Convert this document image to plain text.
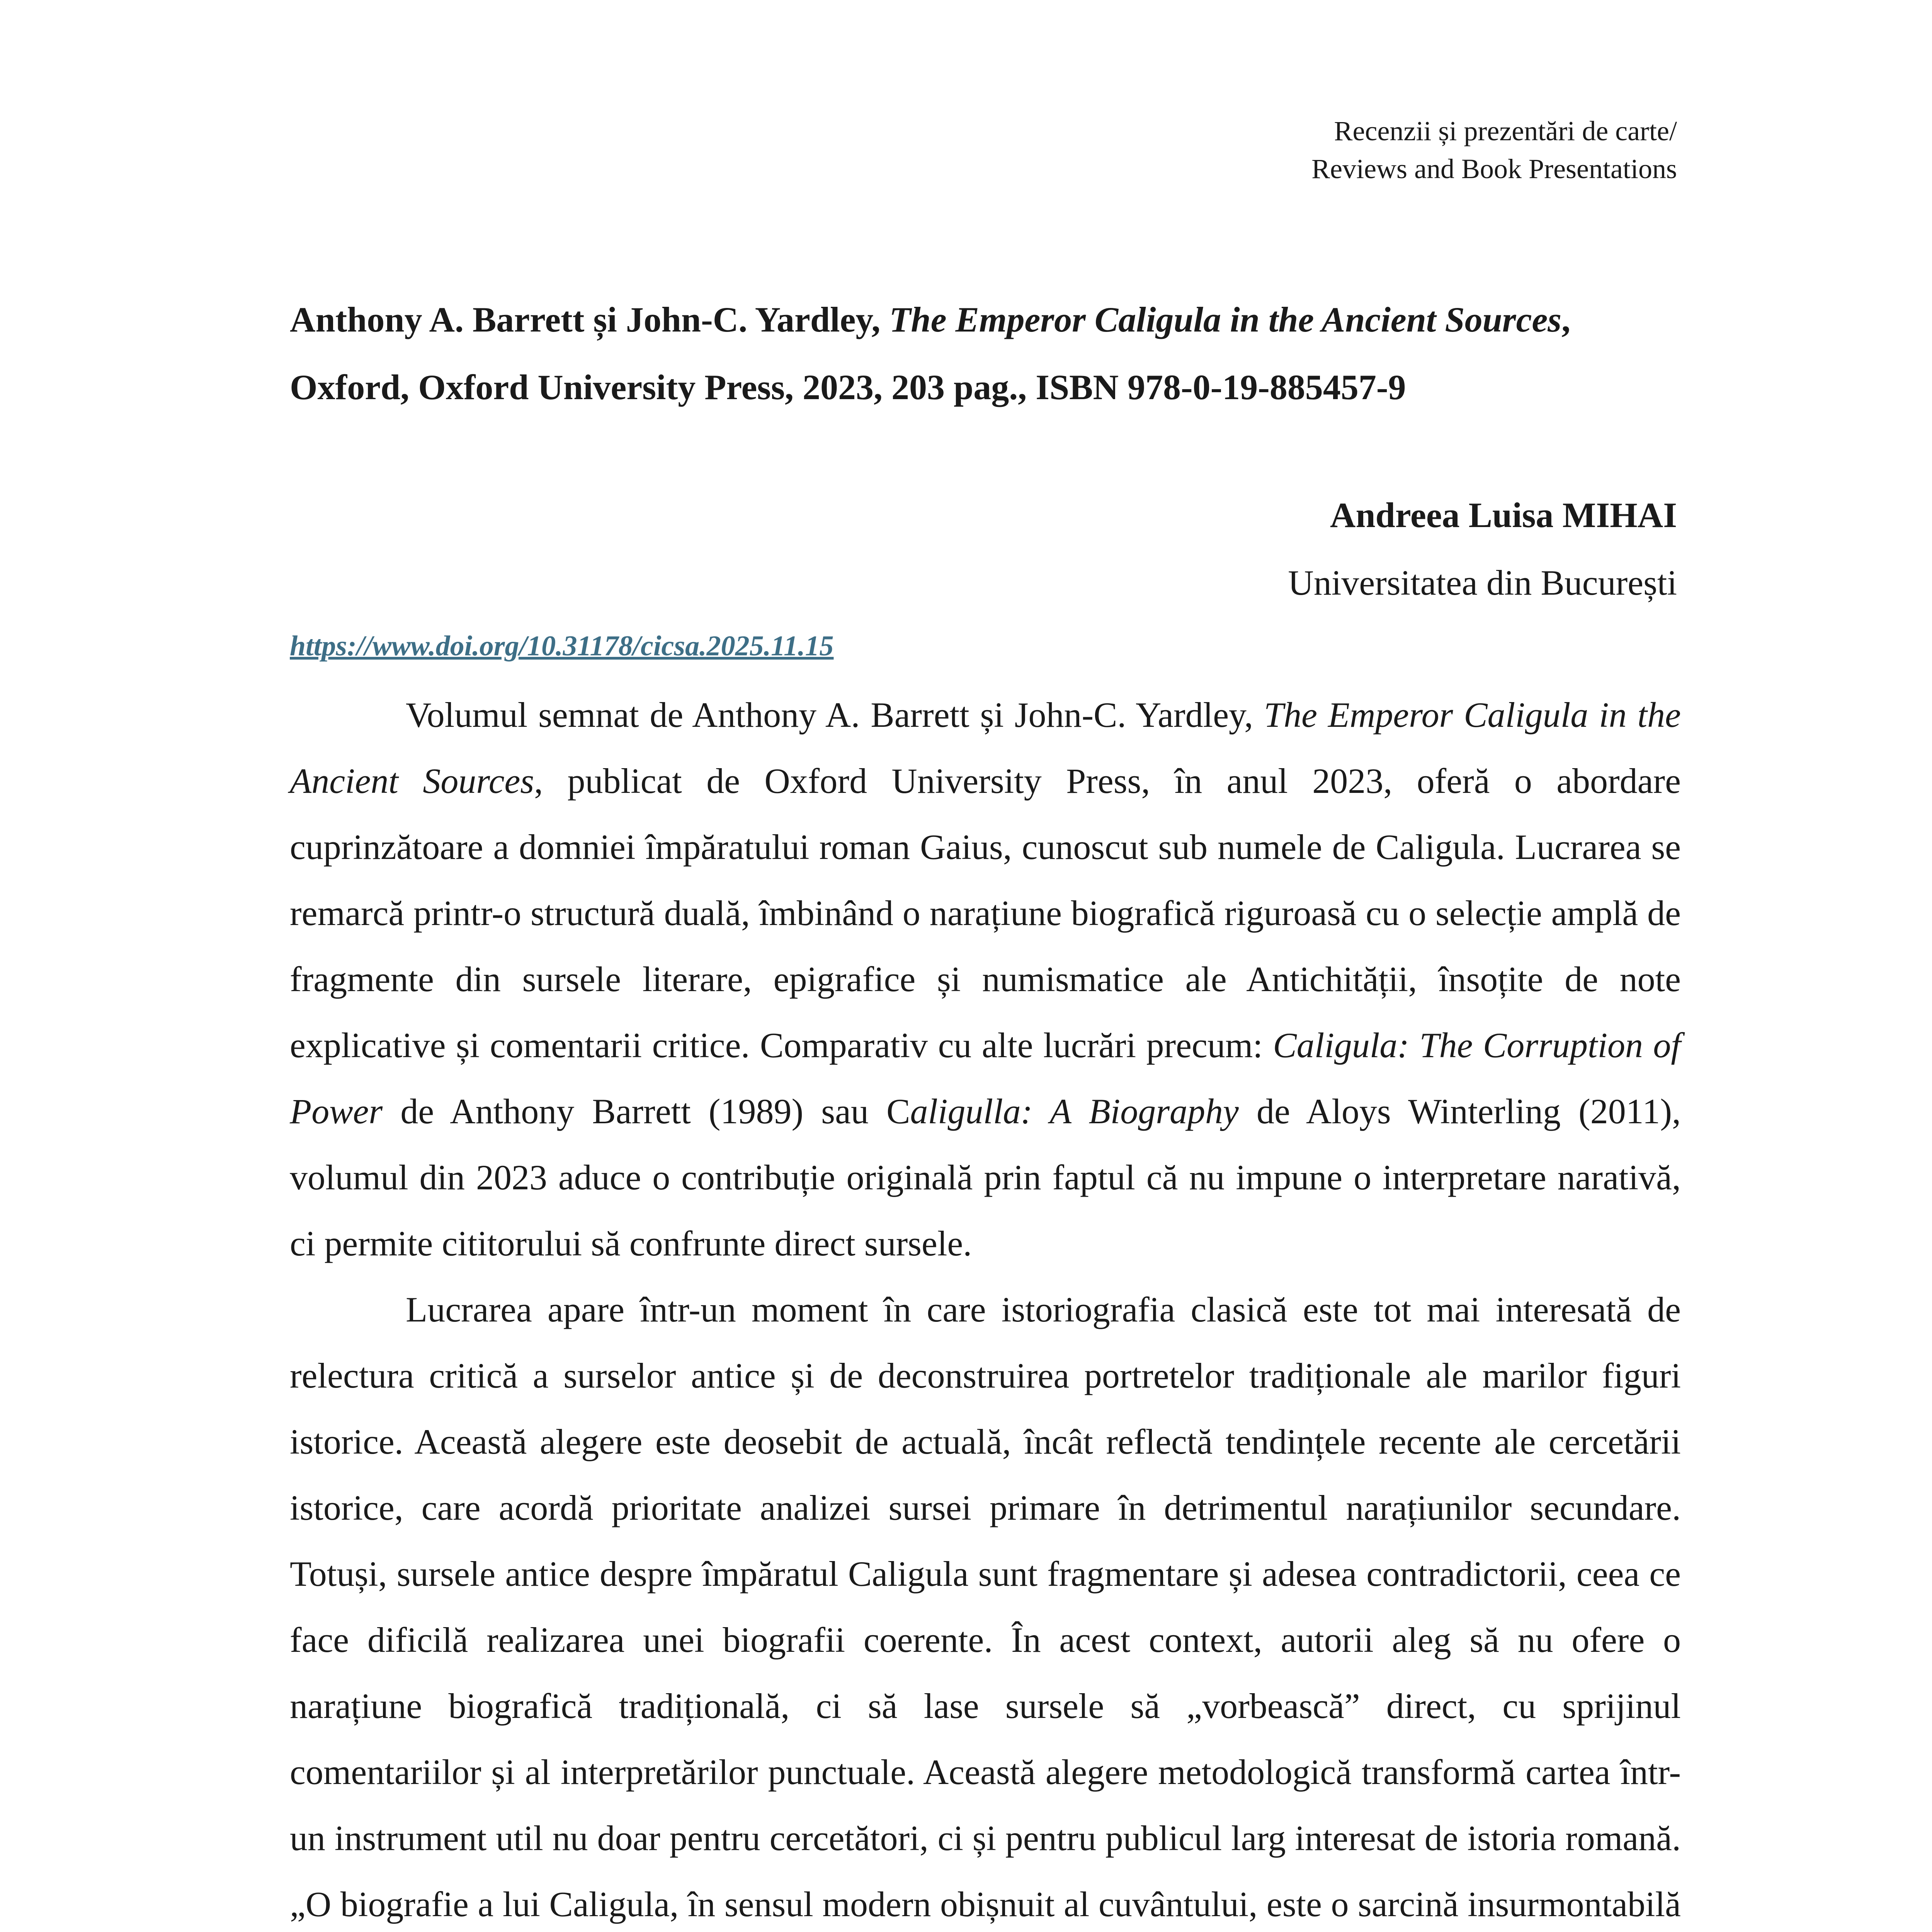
Recenzii și prezentări de carte/
Reviews and Book Presentations
Anthony A. Barrett și John-C. Yardley, The Emperor Caligula in the Ancient Sources, Oxford, Oxford University Press, 2023, 203 pag., ISBN 978-0-19-885457-9
Andreea Luisa MIHAI
Universitatea din București
https://www.doi.org/10.31178/cicsa.2025.11.15

Volumul semnat de Anthony A. Barrett și John-C. Yardley, The Emperor Caligula in the Ancient Sources, publicat de Oxford University Press, în anul 2023, oferă o abordare cuprinzătoare a domniei împăratului roman Gaius, cunoscut sub numele de Caligula. Lucrarea se remarcă printr-o structură duală, îmbinând o narațiune biografică riguroasă cu o selecție amplă de fragmente din sursele literare, epigrafice și numismatice ale Antichității, însoțite de note explicative și comentarii critice. Comparativ cu alte lucrări precum: Caligula: The Corruption of Power de Anthony Barrett (1989) sau Caligulla: A Biography de Aloys Winterling (2011), volumul din 2023 aduce o contribuție originală prin faptul că nu impune o interpretare narativă, ci permite cititorului să confrunte direct sursele.

Lucrarea apare într-un moment în care istoriografia clasică este tot mai interesată de relectura critică a surselor antice și de deconstruirea portretelor tradiționale ale marilor figuri istorice. Această alegere este deosebit de actuală, încât reflectă tendințele recente ale cercetării istorice, care acordă prioritate analizei sursei primare în detrimentul narațiunilor secundare. Totuși, sursele antice despre împăratul Caligula sunt fragmentare și adesea contradictorii, ceea ce face dificilă realizarea unei biografii coerente. În acest context, autorii aleg să nu ofere o narațiune biografică tradițională, ci să lase sursele să „vorbească” direct, cu sprijinul comentariilor și al interpretărilor punctuale. Această alegere metodologică transformă cartea într-un instrument util nu doar pentru cercetători, ci și pentru publicul larg interesat de istoria romană. „O biografie a lui Caligula, în sensul modern obișnuit al cuvântului, este o sarcină insurmontabilă
